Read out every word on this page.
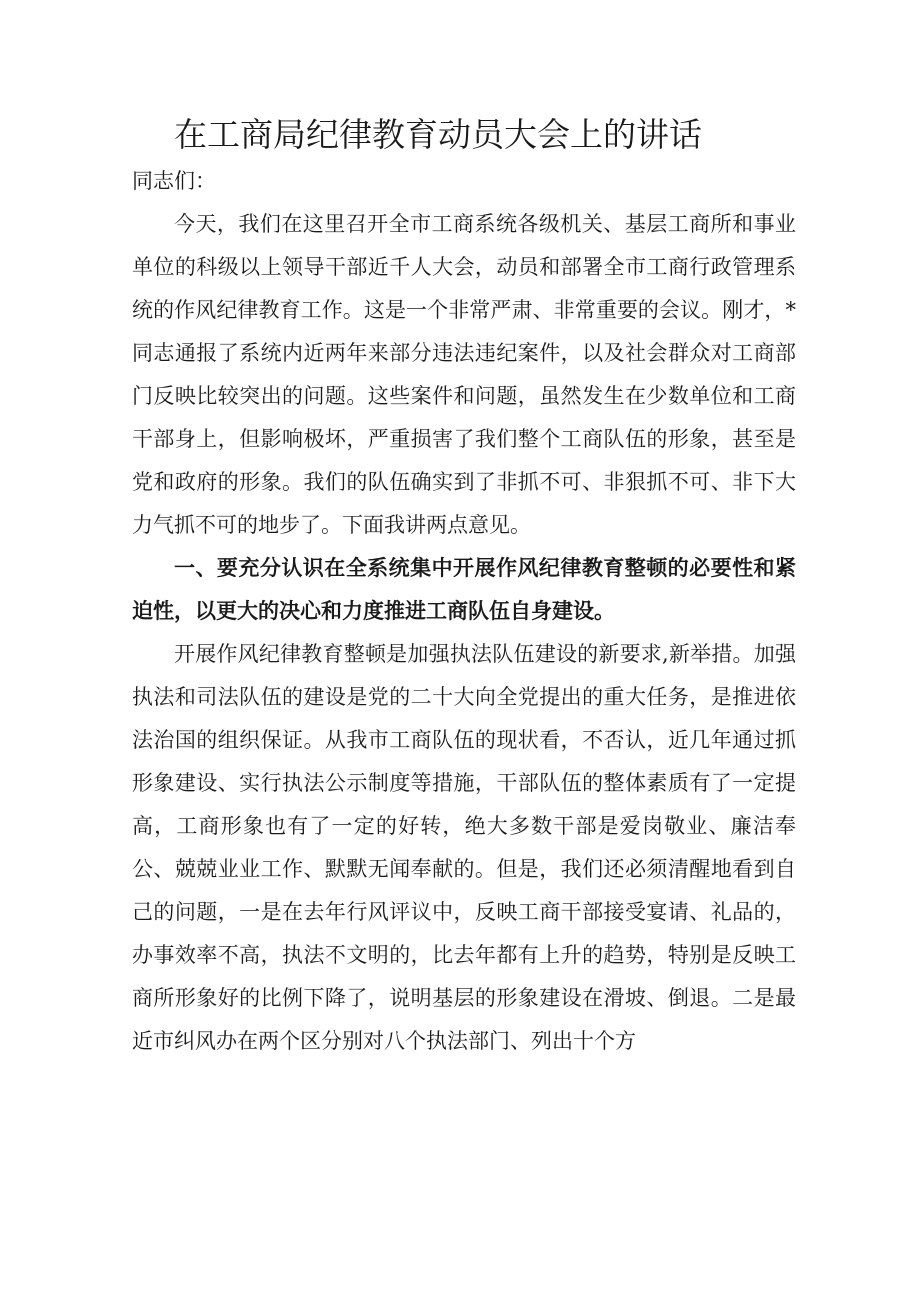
在工商局纪律教育动员大会上的讲话

同志们：

今天，我们在这里召开全市工商系统各级机关、基层工商所和事业单位的科级以上领导干部近千人大会，动员和部署全市工商行政管理系统的作风纪律教育工作。这是一个非常严肃、非常重要的会议。刚才，*同志通报了系统内近两年来部分违法违纪案件，以及社会群众对工商部门反映比较突出的问题。这些案件和问题，虽然发生在少数单位和工商干部身上，但影响极坏，严重损害了我们整个工商队伍的形象，甚至是党和政府的形象。我们的队伍确实到了非抓不可、非狠抓不可、非下大力气抓不可的地步了。下面我讲两点意见。

一、要充分认识在全系统集中开展作风纪律教育整顿的必要性和紧迫性，以更大的决心和力度推进工商队伍自身建设。

开展作风纪律教育整顿是加强执法队伍建设的新要求,新举措。加强执法和司法队伍的建设是党的二十大向全党提出的重大任务，是推进依法治国的组织保证。从我市工商队伍的现状看，不否认，近几年通过抓形象建设、实行执法公示制度等措施，干部队伍的整体素质有了一定提高，工商形象也有了一定的好转，绝大多数干部是爱岗敬业、廉洁奉公、兢兢业业工作、默默无闻奉献的。但是，我们还必须清醒地看到自己的问题，一是在去年行风评议中，反映工商干部接受宴请、礼品的，办事效率不高，执法不文明的，比去年都有上升的趋势，特别是反映工商所形象好的比例下降了，说明基层的形象建设在滑坡、倒退。二是最近市纠风办在两个区分别对八个执法部门、列出十个方
